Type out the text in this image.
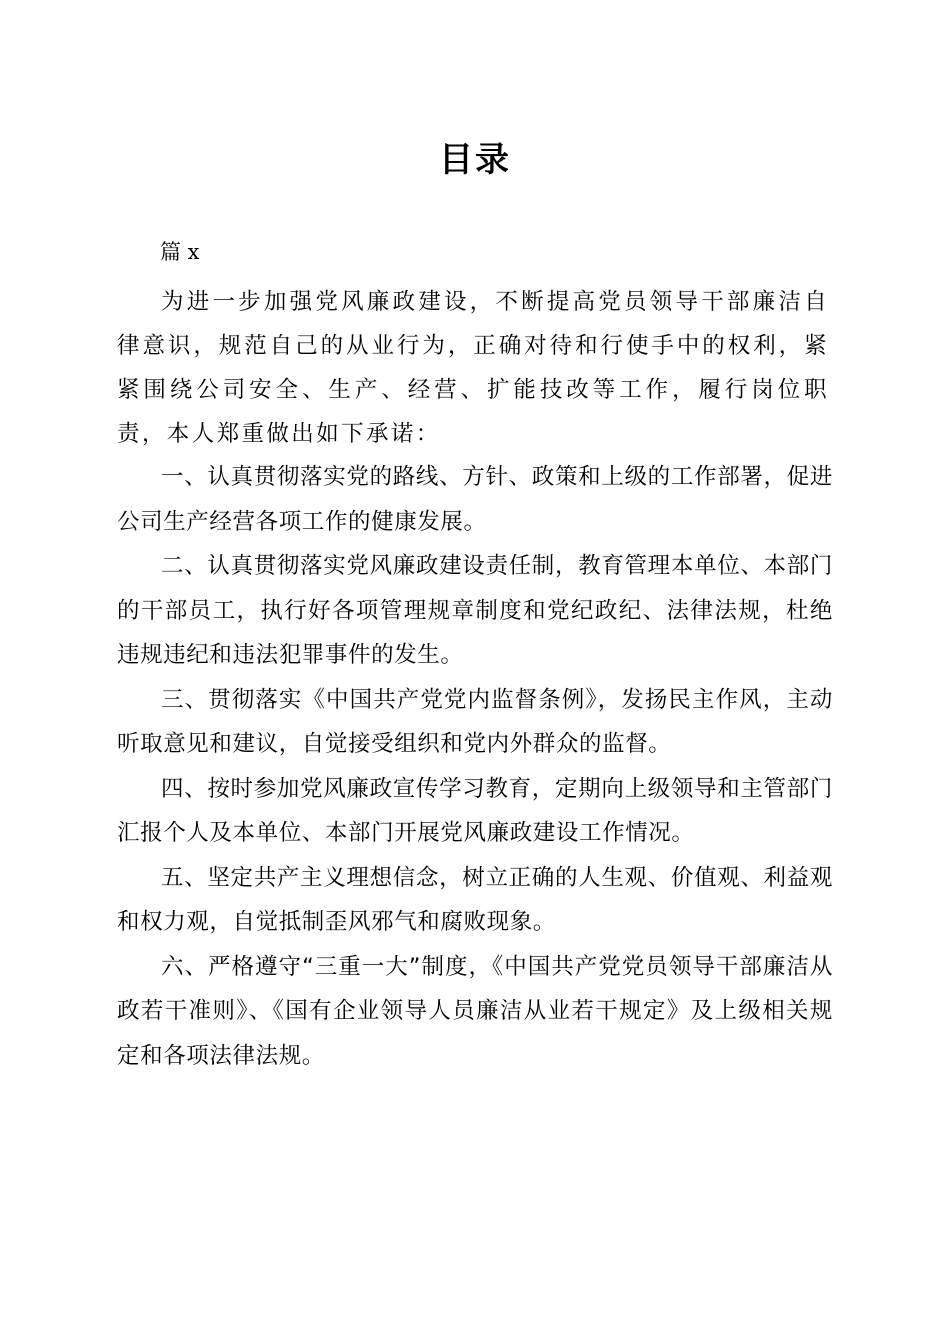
目录
篇 x

为进一步加强党风廉政建设，不断提高党员领导干部廉洁自律意识，规范自己的从业行为，正确对待和行使手中的权利，紧紧围绕公司安全、生产、经营、扩能技改等工作，履行岗位职责，本人郑重做出如下承诺：

一、认真贯彻落实党的路线、方针、政策和上级的工作部署，促进公司生产经营各项工作的健康发展。

二、认真贯彻落实党风廉政建设责任制，教育管理本单位、本部门的干部员工，执行好各项管理规章制度和党纪政纪、法律法规，杜绝违规违纪和违法犯罪事件的发生。

三、贯彻落实《中国共产党党内监督条例》，发扬民主作风，主动听取意见和建议，自觉接受组织和党内外群众的监督。

四、按时参加党风廉政宣传学习教育，定期向上级领导和主管部门汇报个人及本单位、本部门开展党风廉政建设工作情况。

五、坚定共产主义理想信念，树立正确的人生观、价值观、利益观和权力观，自觉抵制歪风邪气和腐败现象。

六、严格遵守“三重一大”制度，《中国共产党党员领导干部廉洁从政若干准则》、《国有企业领导人员廉洁从业若干规定》及上级相关规定和各项法律法规。
